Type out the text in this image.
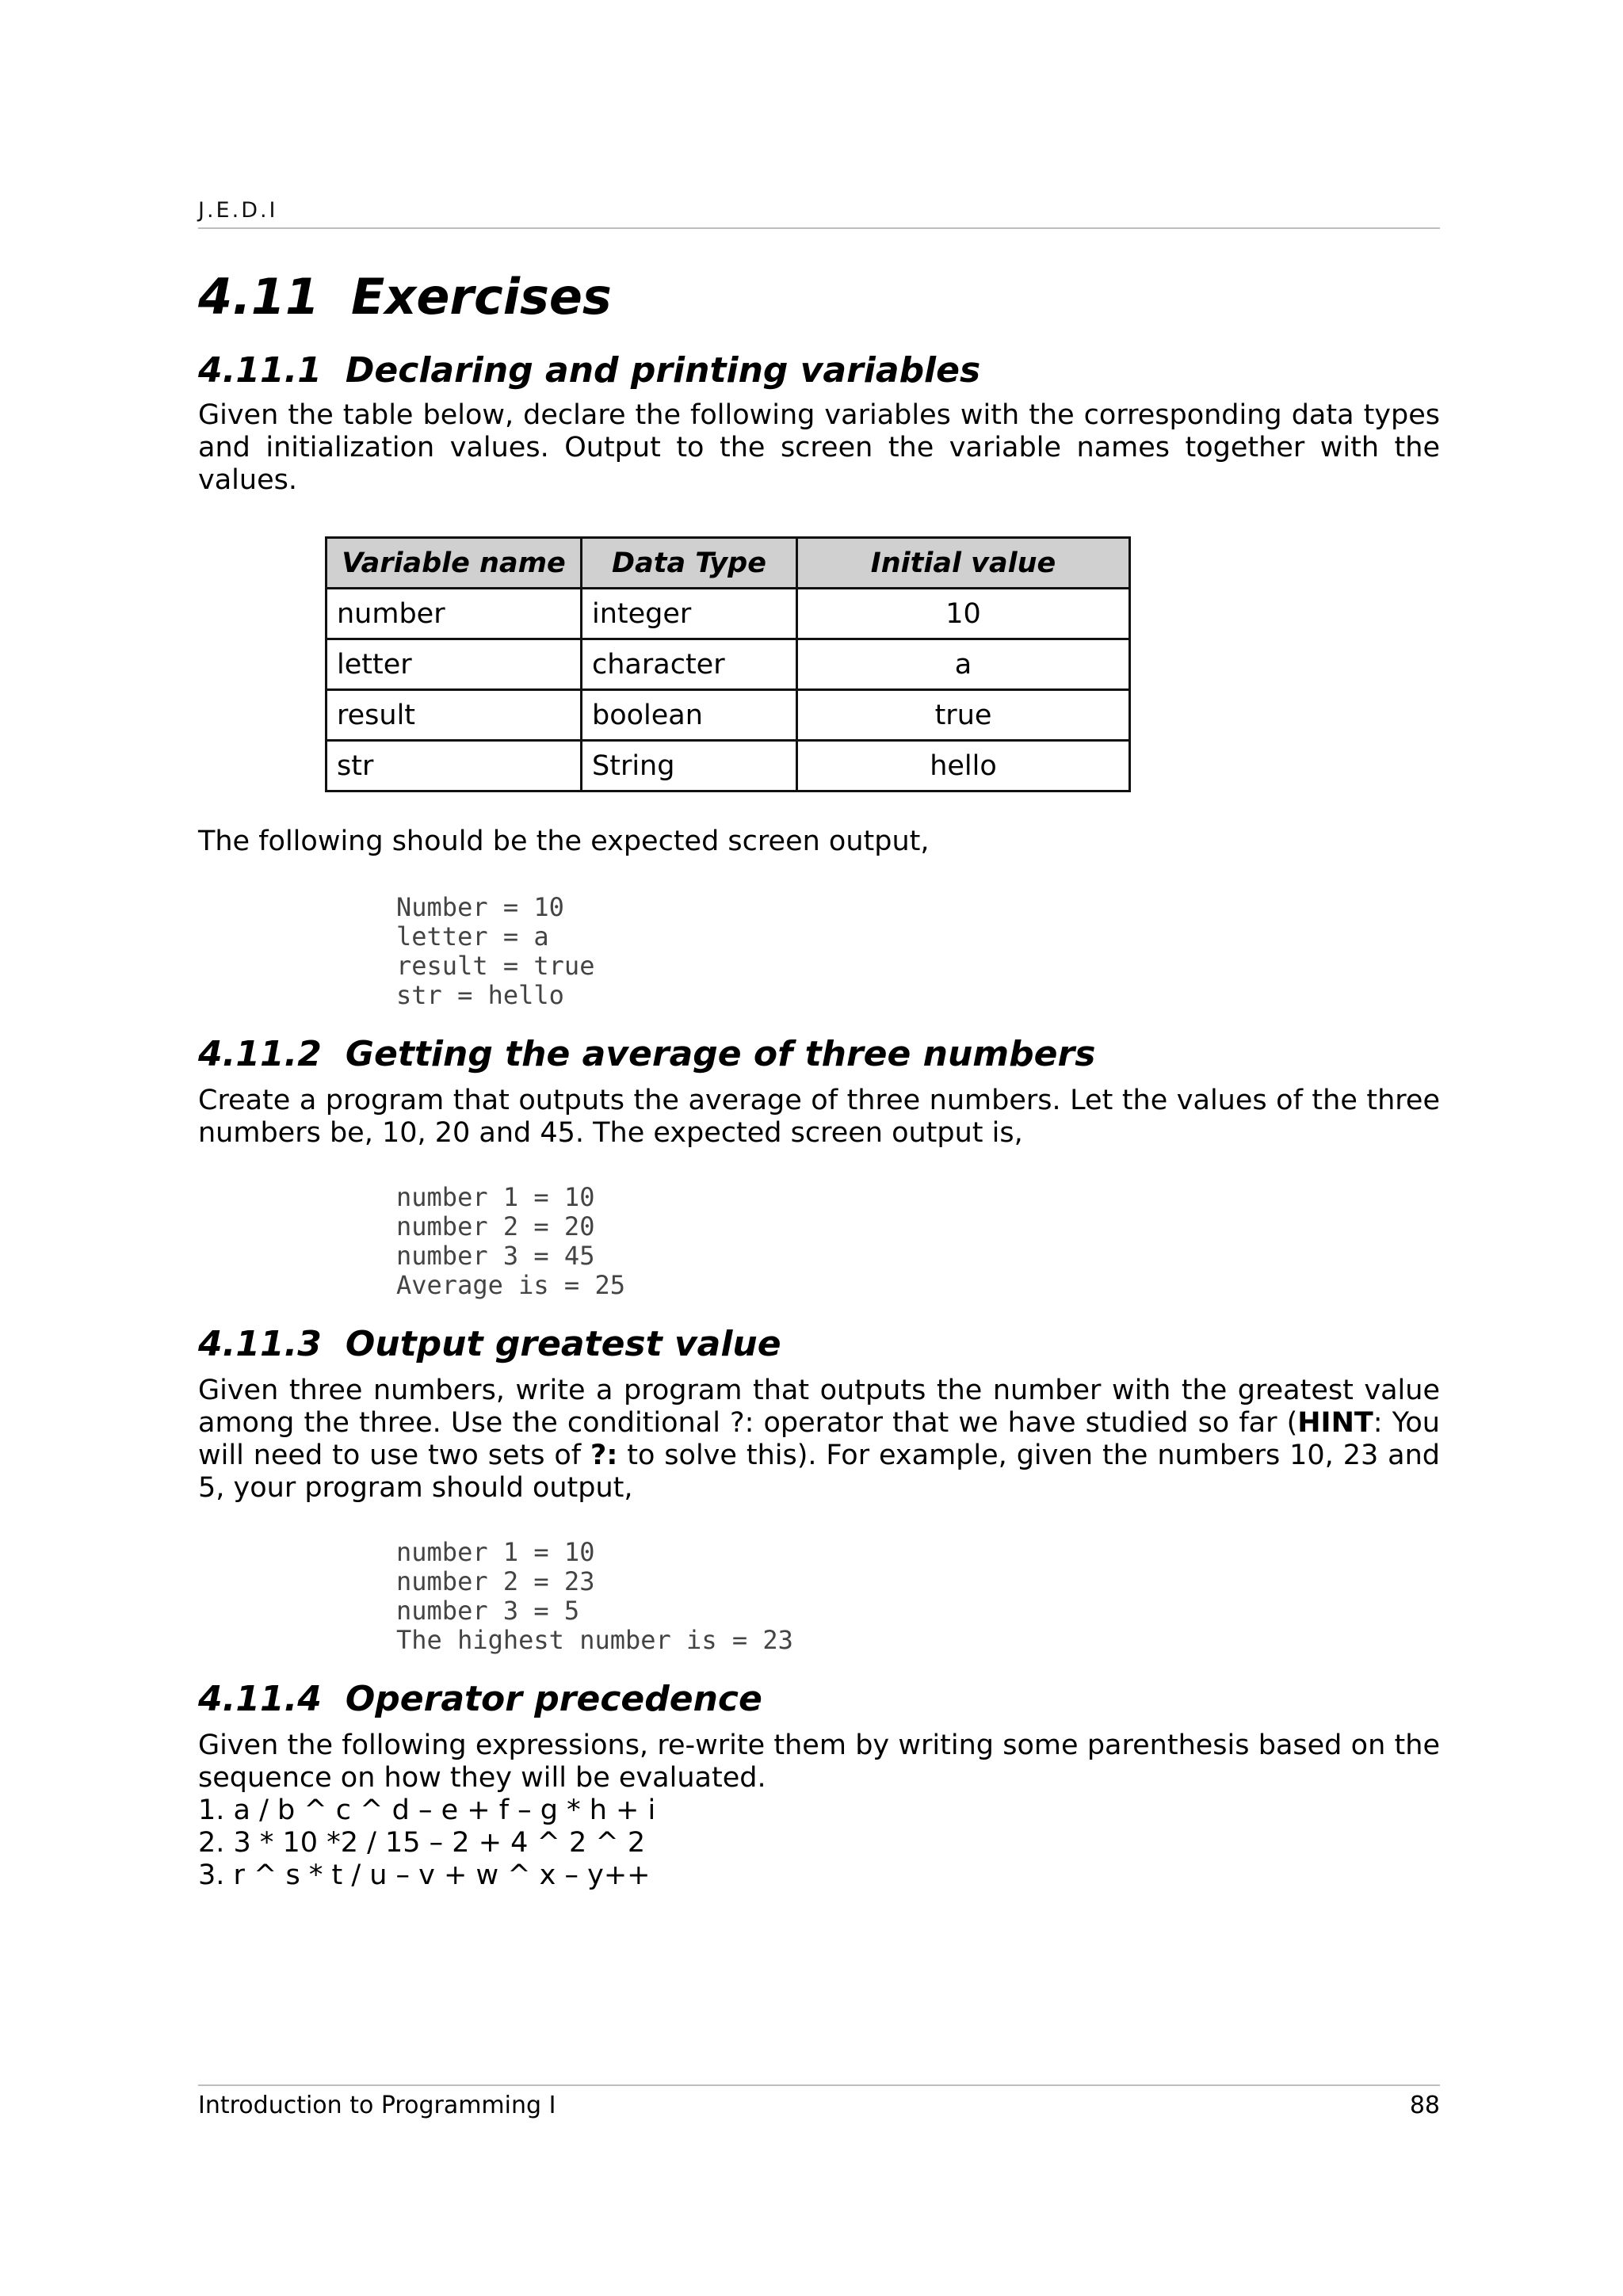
J.E.D.I
4.11 Exercises
4.11.1 Declaring and printing variables

Given the table below, declare the following variables with the corresponding data types and initialization values. Output to the screen the variable names together with the values.

Variable name	Data Type	Initial value
number	integer	10
letter	character	a
result	boolean	true
str	String	hello

The following should be the expected screen output,

Number = 10
letter = a
result = true
str = hello
4.11.2 Getting the average of three numbers

Create a program that outputs the average of three numbers. Let the values of the three numbers be, 10, 20 and 45. The expected screen output is,

number 1 = 10
number 2 = 20
number 3 = 45
Average is = 25
4.11.3 Output greatest value

Given three numbers, write a program that outputs the number with the greatest value among the three. Use the conditional ?: operator that we have studied so far (HINT: You will need to use two sets of ?: to solve this). For example, given the numbers 10, 23 and 5, your program should output,

number 1 = 10
number 2 = 23
number 3 = 5
The highest number is = 23
4.11.4 Operator precedence

Given the following expressions, re-write them by writing some parenthesis based on the sequence on how they will be evaluated.

1. a / b ^ c ^ d – e + f – g * h + i
2. 3 * 10 *2 / 15 – 2 + 4 ^ 2 ^ 2
3. r ^ s * t / u – v + w ^ x – y++
Introduction to Programming I	88
